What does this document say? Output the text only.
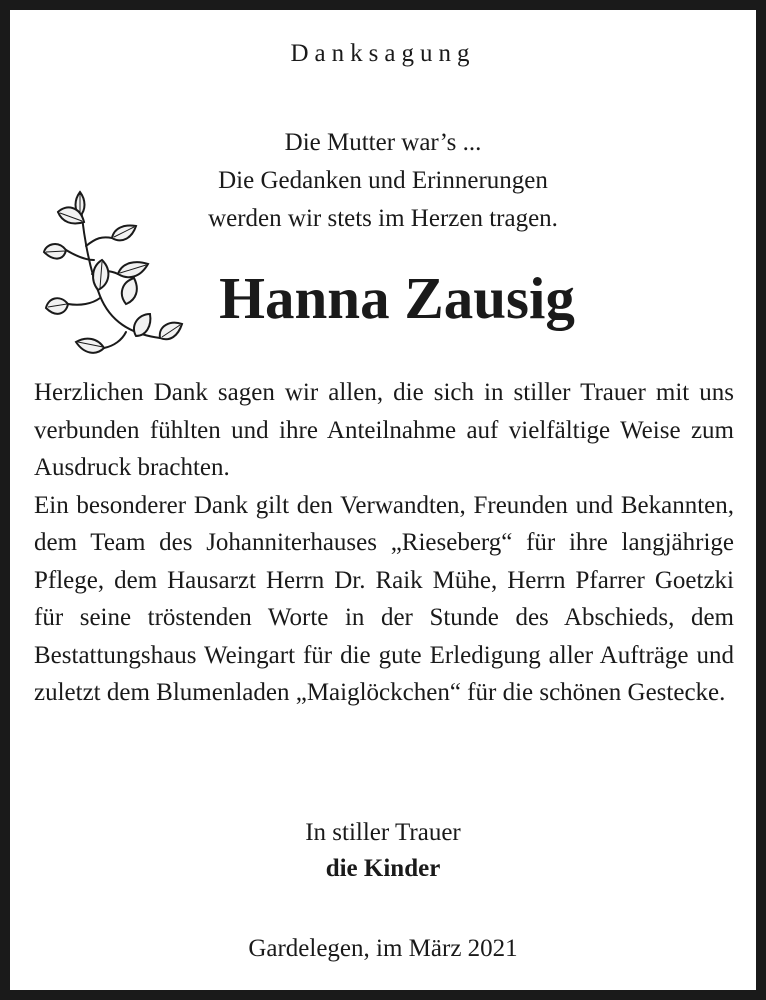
Danksagung
Die Mutter war’s ...
Die Gedanken und Erinnerungen
werden wir stets im Herzen tragen.
Hanna Zausig

Herzlichen Dank sagen wir allen, die sich in stiller Trauer mit uns verbunden fühlten und ihre Anteilnahme auf vielfältige Weise zum Ausdruck brachten.

Ein besonderer Dank gilt den Verwandten, Freunden und Bekannten, dem Team des Johanniterhauses „Rieseberg“ für ihre langjährige Pflege, dem Hausarzt Herrn Dr. Raik Mühe, Herrn Pfarrer Goetzki für seine tröstenden Worte in der Stunde des Abschieds, dem Bestattungshaus Weingart für die gute Erledigung aller Aufträge und zuletzt dem Blumenladen „Maiglöckchen“ für die schönen Gestecke.

In stiller Trauer
die Kinder
Gardelegen, im März 2021
